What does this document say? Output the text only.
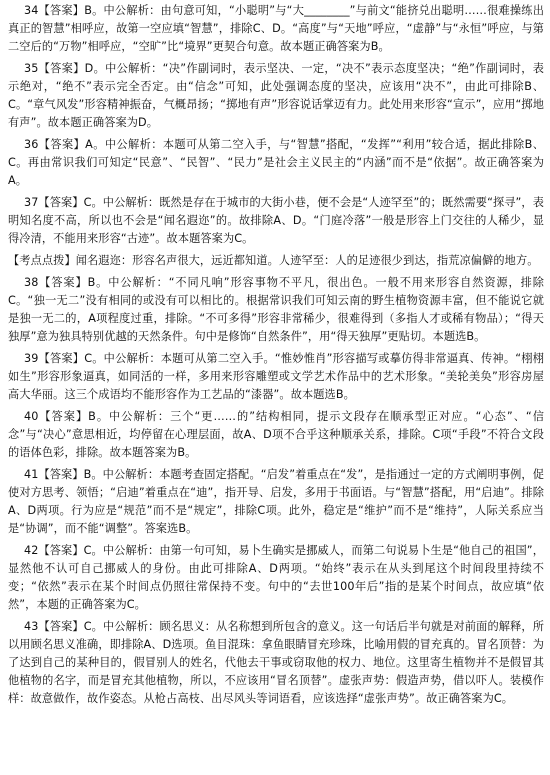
34【答案】B。中公解析：由句意可知，“小聪明”与“大________”与前文“能挤兑出聪明……很难操练出真正的智慧”相呼应，故第一空应填“智慧”，排除C、D。“高度”与“天地”呼应，“虚静”与“永恒”呼应，与第二空后的“万物”相呼应，“空旷”比“境界”更契合句意。故本题正确答案为B。

35【答案】D。中公解析：“决”作副词时，表示坚决、一定，“决不”表示态度坚决；“绝”作副词时，表示绝对，“绝不”表示完全否定。由“信念”可知，此处强调态度的坚决，应该用“决不”，由此可排除B、C。“章气风发”形容精神振奋，气概昂扬；“掷地有声”形容说话掌迈有力。此处用来形容“宣示”，应用“掷地有声”。故本题正确答案为D。

36【答案】A。中公解析：本题可从第二空入手，与“智慧”搭配，“发挥”“利用”较合适，据此排除B、C。再由常识我们可知定“民意”、“民智”、“民力”是社会主义民主的“内涵”而不是“依据”。故正确答案为A。

37【答案】C。中公解析：既然是存在于城市的大街小巷，便不会是“人迹罕至”的；既然需要“探寻”，表明知名度不高，所以也不会是“闻名遐迩”的。故排除A、D。“门庭冷落”一般是形容上门交往的人稀少，显得冷清，不能用来形容“古迹”。故本题答案为C。

【考点点拨】闻名遐迩：形容名声很大，远近都知道。人迹罕至：人的足迹很少到达，指荒凉偏僻的地方。

38【答案】B。中公解析：“不同凡响”形容事物不平凡，很出色。一般不用来形容自然资源，排除C。“独一无二”没有相同的或没有可以相比的。根据常识我们可知云南的野生植物资源丰富，但不能说它就是独一无二的，A项程度过重，排除。“不可多得”形容非常稀少，很难得到（多指人才或稀有物品）；“得天独厚”意为独具特别优越的天然条件。句中是修饰“自然条件”，用“得天独厚”更贴切。本题选B。

39【答案】C。中公解析：本题可从第二空入手。“惟妙惟肖”形容描写或摹仿得非常逼真、传神。“栩栩如生”形容形象逼真，如同活的一样，多用来形容雕塑或文学艺术作品中的艺术形象。“美轮美奂”形容房屋高大华丽。这三个成语均不能形容作为工艺品的“漆器”。故本题选B。

40【答案】B。中公解析：三个“更……的”结构相同，提示文段存在顺承型正对应。“心态”、“信念”与“决心”意思相近，均停留在心理层面，故A、D项不合乎这种顺承关系，排除。C项“手段”不符合文段的语体色彩，排除。故本题答案为B。

41【答案】B。中公解析：本题考查固定搭配。“启发”着重点在“发”，是指通过一定的方式阐明事例，促使对方思考、领悟；“启迪”着重点在“迪”，指开导、启发，多用于书面语。与“智慧”搭配，用“启迪”。排除A、D两项。行为应是“规范”而不是“规定”，排除C项。此外，稳定是“维护”而不是“维持”，人际关系应当是“协调”，而不能“调整”。答案选B。

42【答案】C。中公解析：由第一句可知，易卜生确实是挪威人，而第二句说易卜生是“他自己的祖国”，显然他不认可自己挪威人的身份。由此可排除A、D两项。“始终”表示在从头到尾这个时间段里持续不变；“依然”表示在某个时间点仍照往常保持不变。句中的“去世100年后”指的是某个时间点，故应填“依然”，本题的正确答案为C。

43【答案】C。中公解析：顾名思义：从名称想到所包含的意义。这一句话后半句就是对前面的解释，所以用顾名思义准确，即排除A、D选项。鱼目混珠：拿鱼眼睛冒充珍珠，比喻用假的冒充真的。冒名顶替：为了达到自己的某种目的，假冒别人的姓名，代他去干事或窃取他的权力、地位。这里寄生植物并不是假冒其他植物的名字，而是冒充其他植物，所以，不应该用“冒名顶替”。虚张声势：假造声势，借以吓人。装模作样：故意做作，故作姿态。从枪占高枝、出尽风头等词语看，应该选择“虚张声势”。故正确答案为C。
